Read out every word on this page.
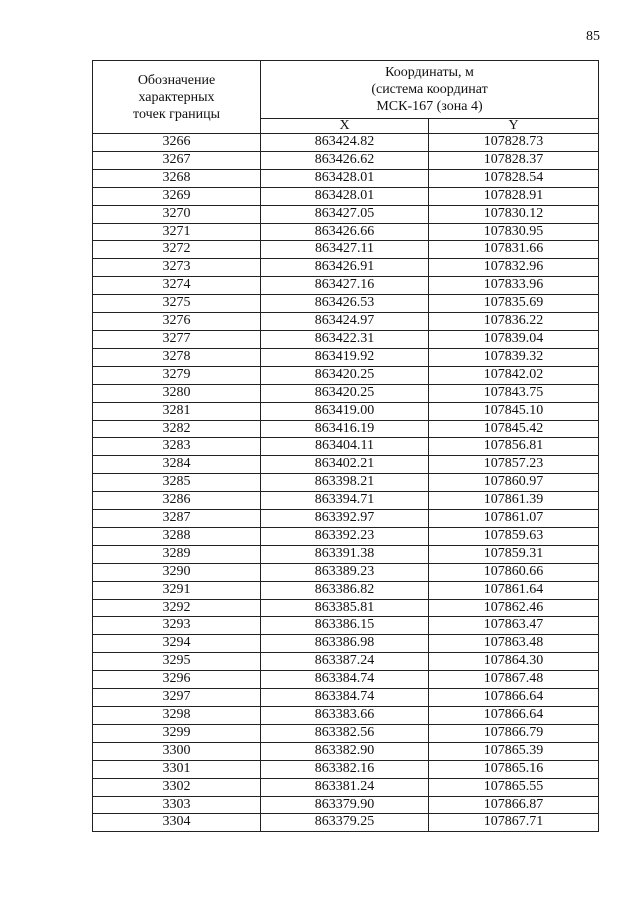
85
Обозначение
характерных
точек границы	Координаты, м
(система координат
МСК-167 (зона 4)	

	X	Y
3266	863424.82	107828.73
3267	863426.62	107828.37
3268	863428.01	107828.54
3269	863428.01	107828.91
3270	863427.05	107830.12
3271	863426.66	107830.95
3272	863427.11	107831.66
3273	863426.91	107832.96
3274	863427.16	107833.96
3275	863426.53	107835.69
3276	863424.97	107836.22
3277	863422.31	107839.04
3278	863419.92	107839.32
3279	863420.25	107842.02
3280	863420.25	107843.75
3281	863419.00	107845.10
3282	863416.19	107845.42
3283	863404.11	107856.81
3284	863402.21	107857.23
3285	863398.21	107860.97
3286	863394.71	107861.39
3287	863392.97	107861.07
3288	863392.23	107859.63
3289	863391.38	107859.31
3290	863389.23	107860.66
3291	863386.82	107861.64
3292	863385.81	107862.46
3293	863386.15	107863.47
3294	863386.98	107863.48
3295	863387.24	107864.30
3296	863384.74	107867.48
3297	863384.74	107866.64
3298	863383.66	107866.64
3299	863382.56	107866.79
3300	863382.90	107865.39
3301	863382.16	107865.16
3302	863381.24	107865.55
3303	863379.90	107866.87
3304	863379.25	107867.71
